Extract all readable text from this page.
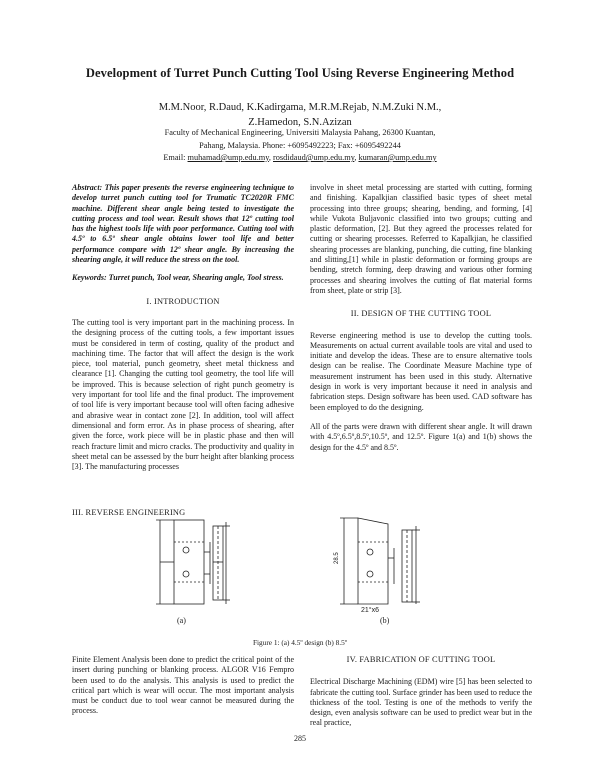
Development of Turret Punch Cutting Tool Using Reverse Engineering Method
M.M.Noor, R.Daud, K.Kadirgama, M.R.M.Rejab, N.M.Zuki N.M.,
Z.Hamedon, S.N.Azizan
Faculty of Mechanical Engineering, Universiti Malaysia Pahang, 26300 Kuantan,
Pahang, Malaysia. Phone: +6095492223; Fax: +6095492244
Email: muhamad@ump.edu.my, rosdidaud@ump.edu.my, kumaran@ump.edu.my

Abstract: This paper presents the reverse engineering technique to develop turret punch cutting tool for Trumatic TC2020R FMC machine. Different shear angle being tested to investigate the cutting process and tool wear. Result shows that 12º cutting tool has the highest tools life with poor performance. Cutting tool with 4.5º to 6.5º shear angle obtains lower tool life and better performance compare with 12º shear angle. By increasing the shearing angle, it will reduce the stress on the tool.

Keywords: Turret punch, Tool wear, Shearing angle, Tool stress.

I. INTRODUCTION

The cutting tool is very important part in the machining process. In the designing process of the cutting tools, a few important issues must be considered in term of costing, quality of the product and machining time. The factor that will affect the design is the work piece, tool material, punch geometry, sheet metal thickness and clearance [1]. Changing the cutting tool geometry, the tool life will be improved. This is because selection of right punch geometry is very important for tool life and the final product. The improvement of tool life is very important because tool will often facing adhesive and abrasive wear in contact zone [2]. In addition, tool will affect dimensional and form error. As in phase process of shearing, after given the force, work piece will be in plastic phase and then will reach fracture limit and micro cracks. The productivity and quality in sheet metal can be assessed by the burr height after blanking process [3]. The manufacturing processes

involve in sheet metal processing are started with cutting, forming and finishing. Kapalkjian classified basic types of sheet metal processing into three groups; shearing, bending, and forming, [4] while Vukota Buljavonic classified into two groups; cutting and plastic deformation, [2]. But they agreed the processes related for cutting or shearing processes. Referred to Kapalkjian, he classified shearing processes are blanking, punching, die cutting, fine blanking and slitting,[1] while in plastic deformation or forming groups are bending, stretch forming, deep drawing and various other forming processes and shearing involves the cutting of flat material forms from sheet, plate or strip [3].

II. DESIGN OF THE CUTTING TOOL

Reverse engineering method is use to develop the cutting tools. Measurements on actual current available tools are vital and used to initiate and develop the ideas. These are to ensure alternative tools design can be realise. The Coordinate Measure Machine type of measurement instrument has been used in this study. Alternative design in work is very important because it need in analysis and fabrication steps. Design software has been used. CAD software has been employed to do the designing.

All of the parts were drawn with different shear angle. It will drawn with 4.5º,6.5º,8.5º,10.5º, and 12.5º. Figure 1(a) and 1(b) shows the design for the 4.5º and 8.5º.

III. REVERSE ENGINEERING
(a)
21°x6
28.5
(b)
Figure 1: (a) 4.5º design (b) 8.5º

Finite Element Analysis been done to predict the critical point of the insert during punching or blanking process. ALGOR V16 Fempro been used to do the analysis. This analysis is used to predict the critical part which is wear will occur. The most important analysis must be conduct due to tool wear cannot be measured during the process.

IV. FABRICATION OF CUTTING TOOL

Electrical Discharge Machining (EDM) wire [5] has been selected to fabricate the cutting tool. Surface grinder has been used to reduce the thickness of the tool. Testing is one of the methods to verify the design, even analysis software can be used to predict wear but in the real practice,

285
